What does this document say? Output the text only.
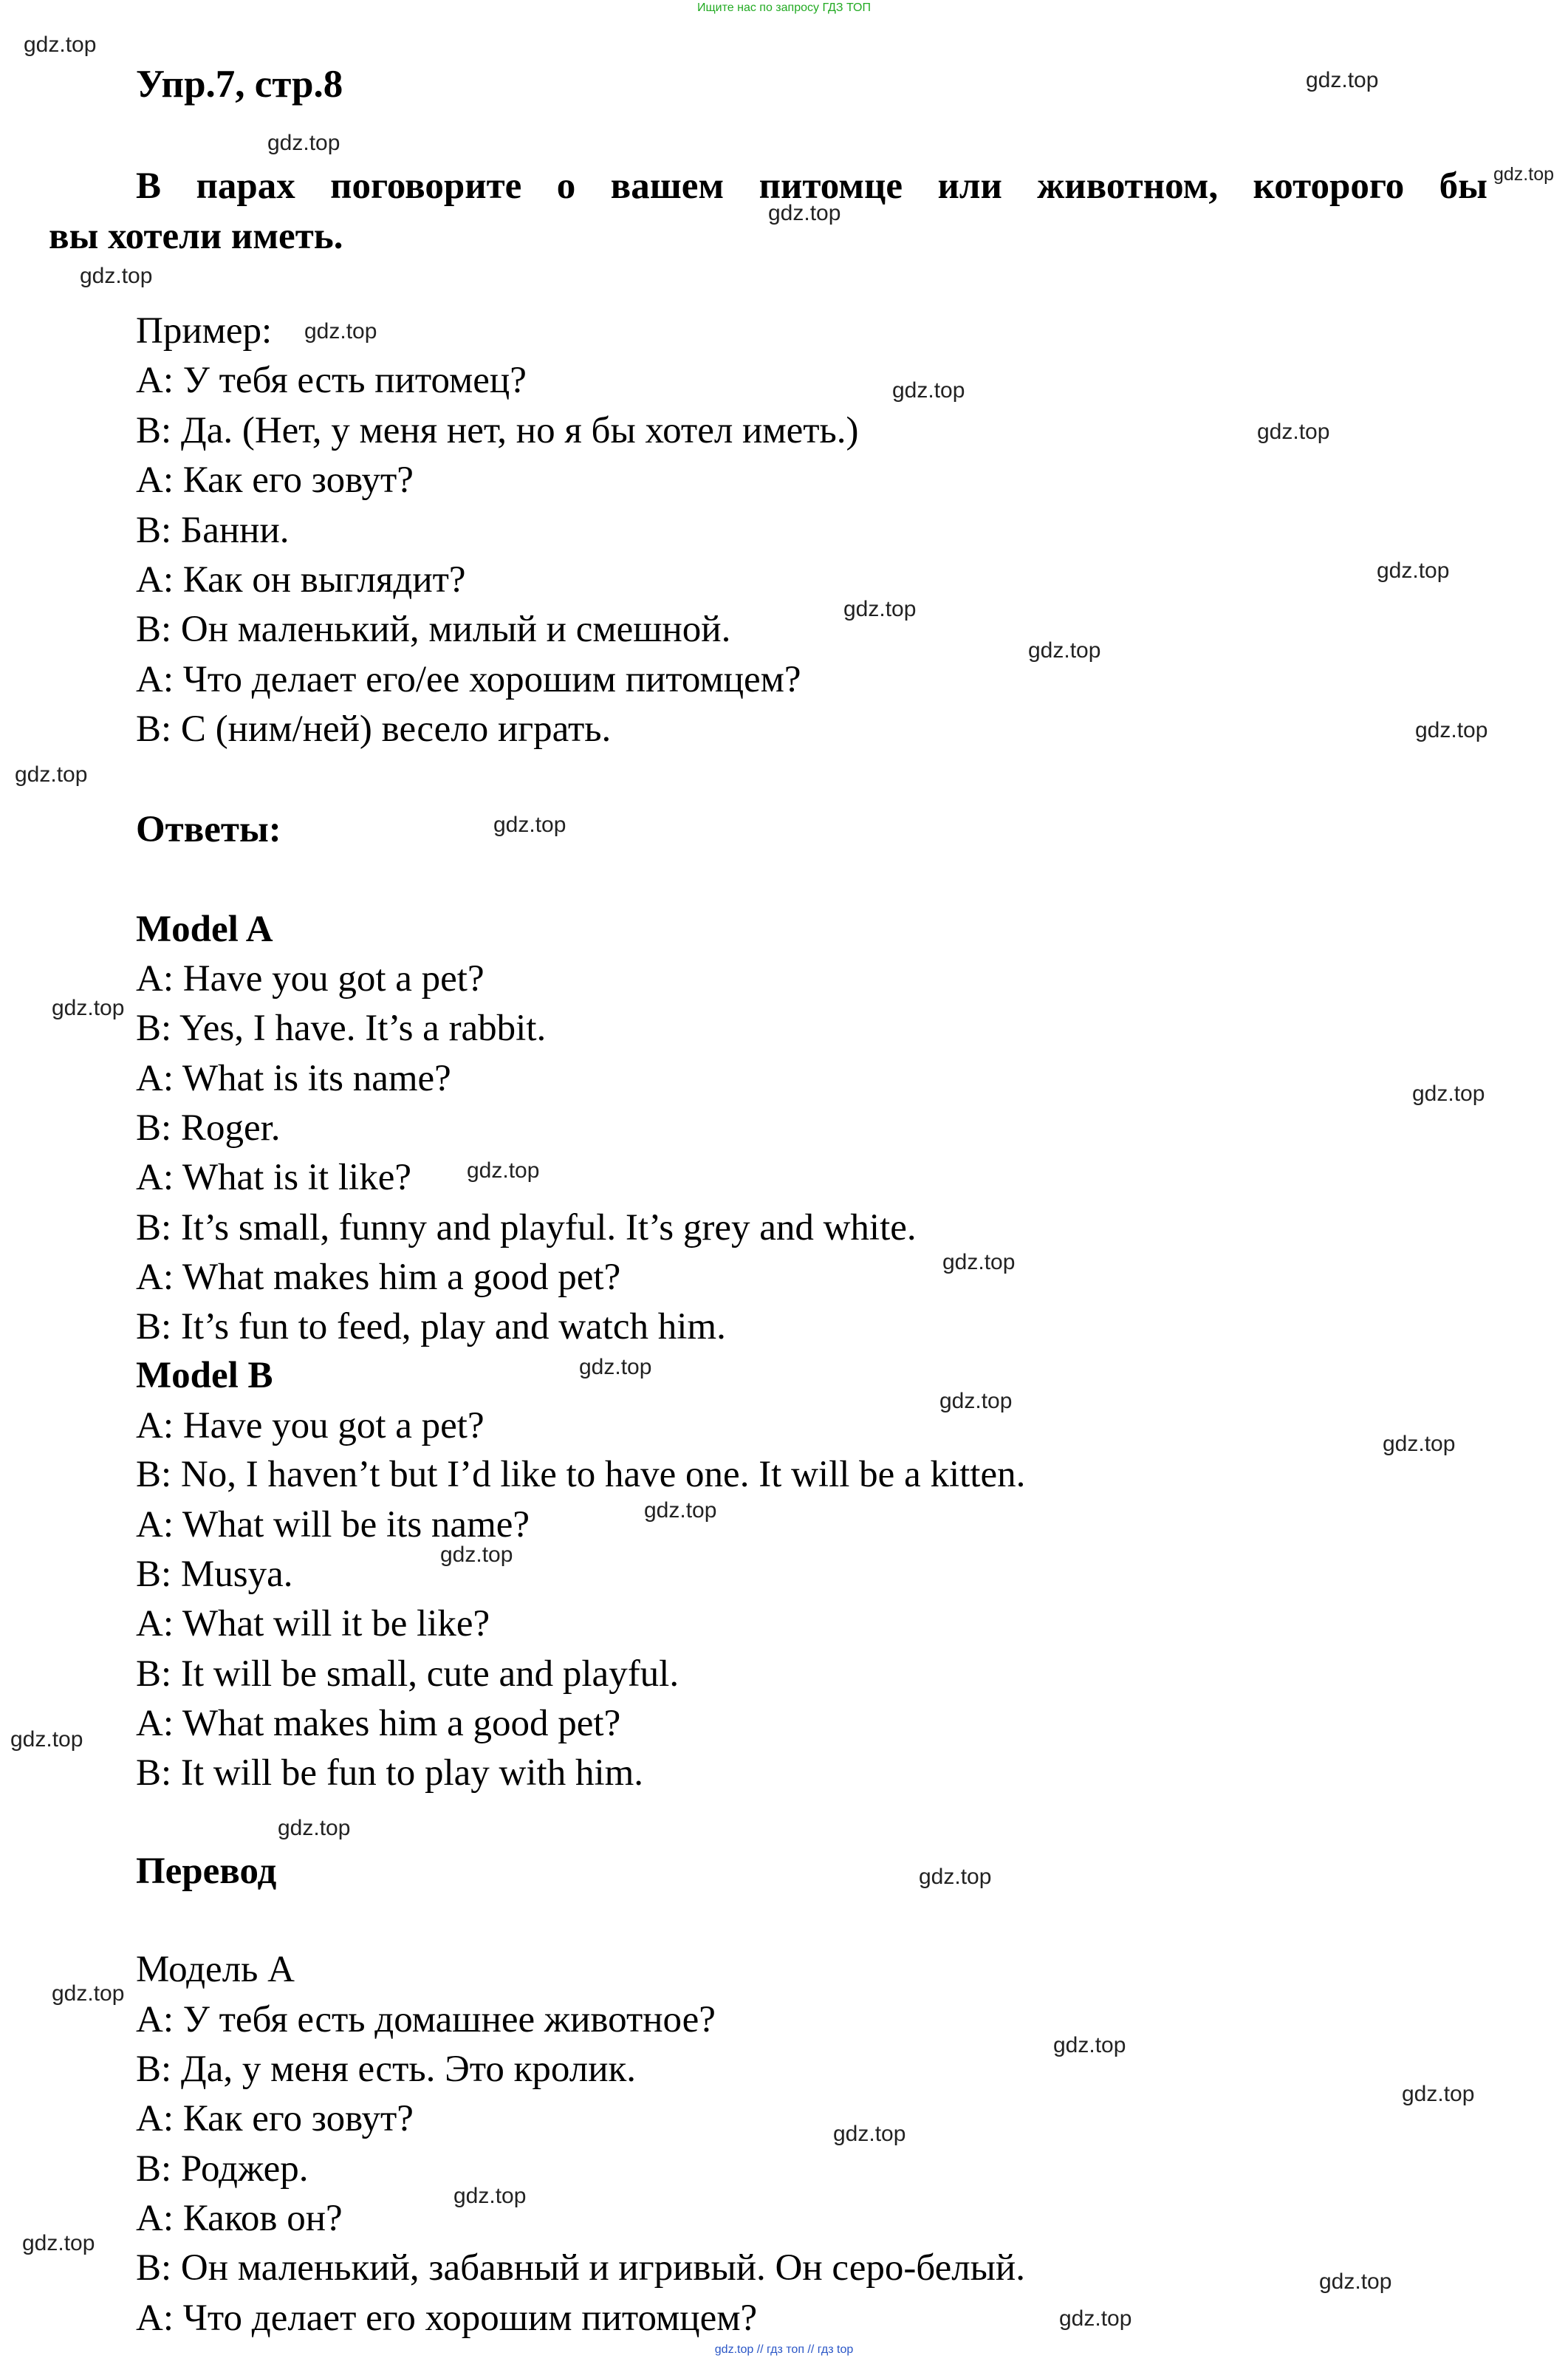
Ищите нас по запросу ГДЗ ТОП
Упр.7, стр.8
В парах поговорите о вашем питомце или животном, которого бы
вы хотели иметь.
Пример:
A: У тебя есть питомец?
B: Да. (Нет, у меня нет, но я бы хотел иметь.)
A: Как его зовут?
B: Банни.
A: Как он выглядит?
B: Он маленький, милый и смешной.
A: Что делает его/ее хорошим питомцем?
B: С (ним/ней) весело играть.
Ответы:
Model A
A: Have you got a pet?
B: Yes, I have. It’s a rabbit.
A: What is its name?
B: Roger.
A: What is it like?
B: It’s small, funny and playful. It’s grey and white.
A: What makes him a good pet?
B: It’s fun to feed, play and watch him.
Model B
A: Have you got a pet?
B: No, I haven’t but I’d like to have one. It will be a kitten.
A: What will be its name?
B: Musya.
A: What will it be like?
B: It will be small, cute and playful.
A: What makes him a good pet?
B: It will be fun to play with him.
Перевод
Модель А
А: У тебя есть домашнее животное?
В: Да, у меня есть. Это кролик.
А: Как его зовут?
В: Роджер.
А: Каков он?
В: Он маленький, забавный и игривый. Он серо-белый.
А: Что делает его хорошим питомцем?
gdz.top
gdz.top
gdz.top
gdz.top
gdz.top
gdz.top
gdz.top
gdz.top
gdz.top
gdz.top
gdz.top
gdz.top
gdz.top
gdz.top
gdz.top
gdz.top
gdz.top
gdz.top
gdz.top
gdz.top
gdz.top
gdz.top
gdz.top
gdz.top
gdz.top
gdz.top
gdz.top
gdz.top
gdz.top
gdz.top
gdz.top
gdz.top
gdz.top
gdz.top
gdz.top
gdz.top // гдз топ // гдз top
